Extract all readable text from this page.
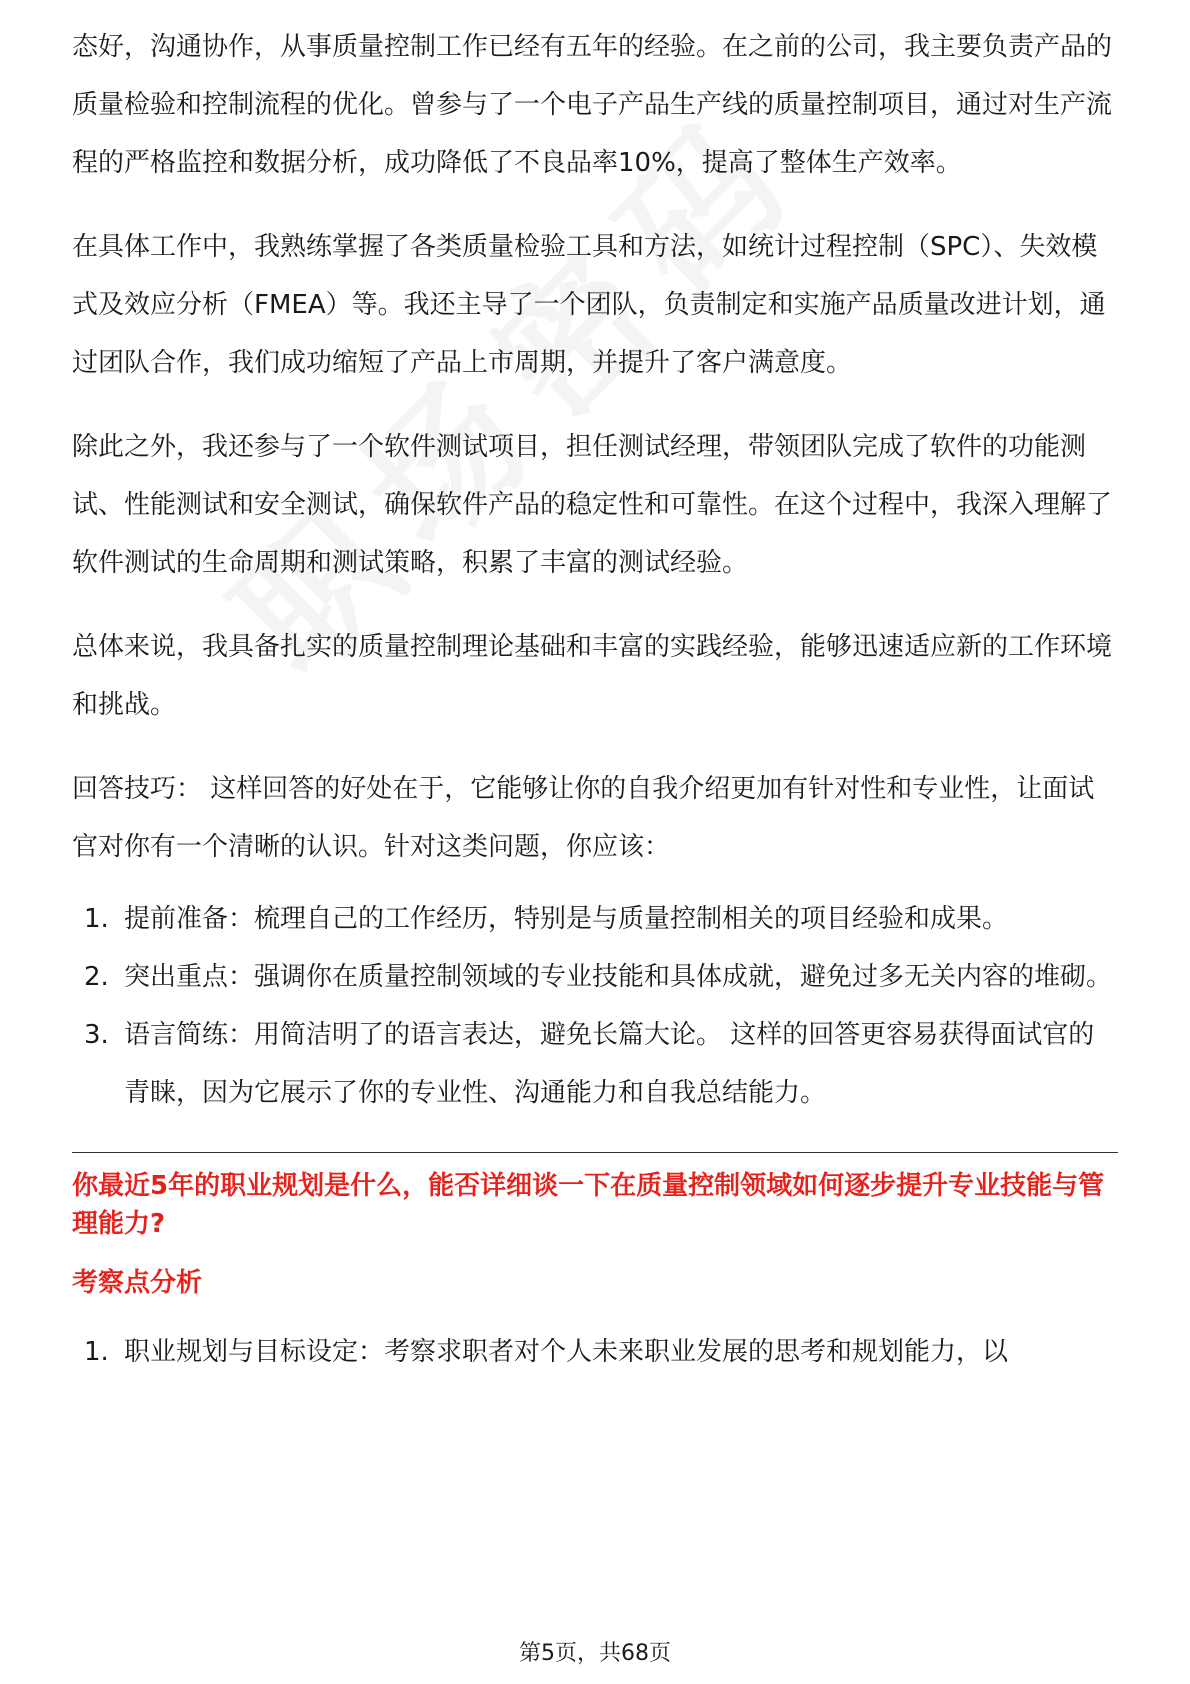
态好，沟通协作，从事质量控制工作已经有五年的经验。在之前的公司，我主要负责产品的质量检验和控制流程的优化。曾参与了一个电子产品生产线的质量控制项目，通过对生产流程的严格监控和数据分析，成功降低了不良品率10%，提高了整体生产效率。

在具体工作中，我熟练掌握了各类质量检验工具和方法，如统计过程控制（SPC）、失效模式及效应分析（FMEA）等。我还主导了一个团队，负责制定和实施产品质量改进计划，通过团队合作，我们成功缩短了产品上市周期，并提升了客户满意度。

除此之外，我还参与了一个软件测试项目，担任测试经理，带领团队完成了软件的功能测试、性能测试和安全测试，确保软件产品的稳定性和可靠性。在这个过程中，我深入理解了软件测试的生命周期和测试策略，积累了丰富的测试经验。

总体来说，我具备扎实的质量控制理论基础和丰富的实践经验，能够迅速适应新的工作环境和挑战。

回答技巧： 这样回答的好处在于，它能够让你的自我介绍更加有针对性和专业性，让面试官对你有一个清晰的认识。针对这类问题，你应该：

1. 提前准备：梳理自己的工作经历，特别是与质量控制相关的项目经验和成果。
2. 突出重点：强调你在质量控制领域的专业技能和具体成就，避免过多无关内容的堆砌。
3. 语言简练：用简洁明了的语言表达，避免长篇大论。 这样的回答更容易获得面试官的青睐，因为它展示了你的专业性、沟通能力和自我总结能力。
你最近5年的职业规划是什么，能否详细谈一下在质量控制领域如何逐步提升专业技能与管理能力?
考察点分析
1. 职业规划与目标设定：考察求职者对个人未来职业发展的思考和规划能力，以
第5页，共68页
